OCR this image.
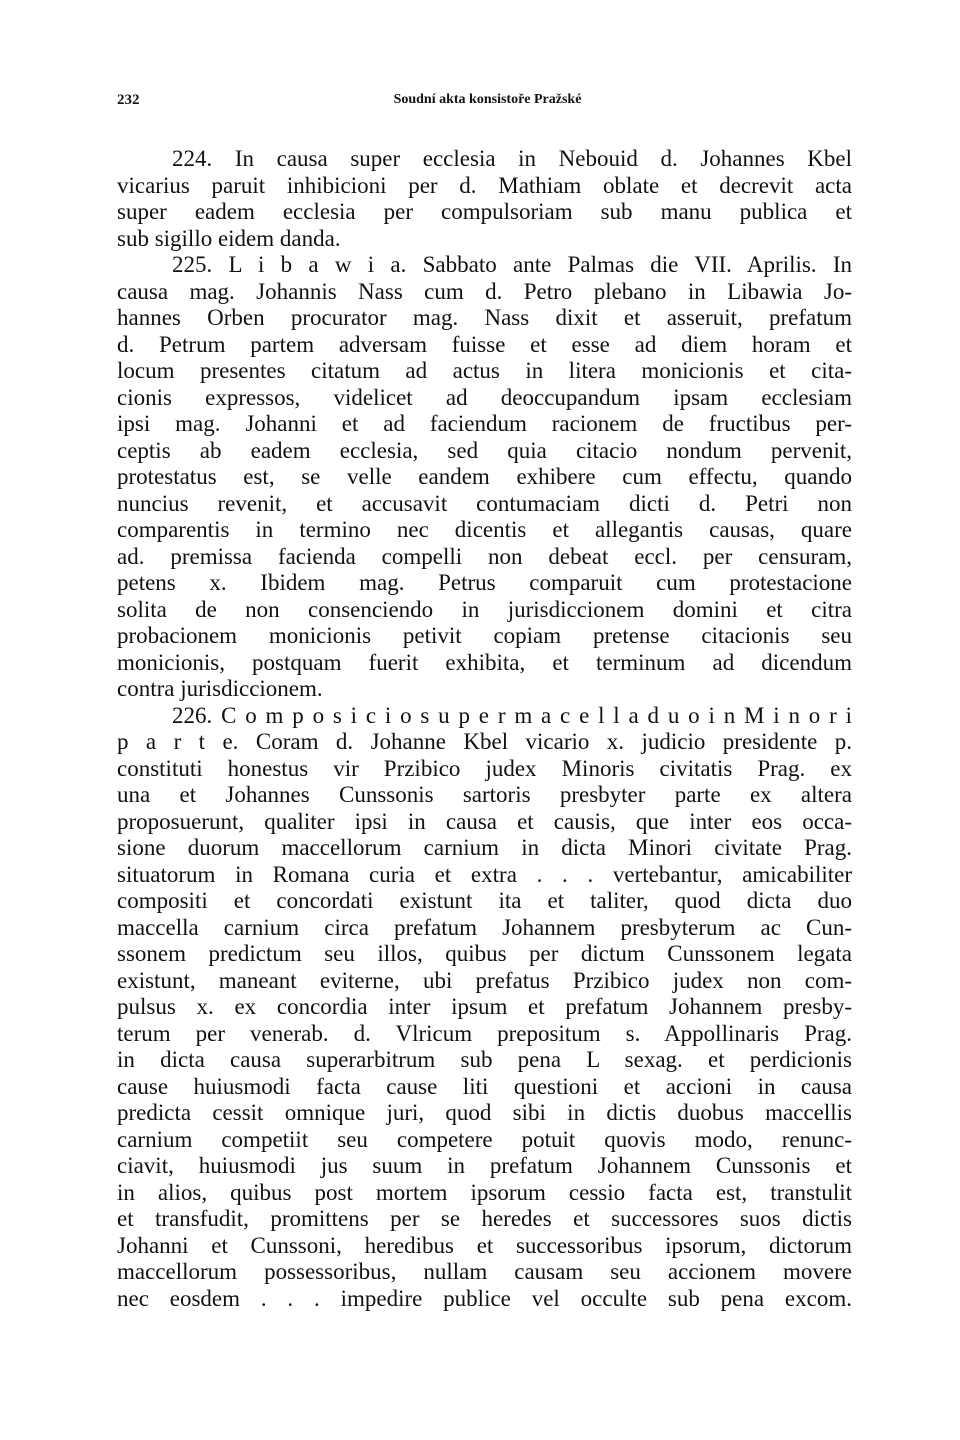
232	Soudní akta konsistoře Pražské
224. In causa super ecclesia in Nebouid d. Johannes Kbel
vicarius paruit inhibicioni per d. Mathiam oblate et decrevit acta
super eadem ecclesia per compulsoriam sub manu publica et
sub sigillo eidem danda.
225. L i b a w i a. Sabbato ante Palmas die VII. Aprilis. In
causa mag. Johannis Nass cum d. Petro plebano in Libawia Jo-
hannes Orben procurator mag. Nass dixit et asseruit, prefatum
d. Petrum partem adversam fuisse et esse ad diem horam et
locum presentes citatum ad actus in litera monicionis et cita-
cionis expressos, videlicet ad deoccupandum ipsam ecclesiam
ipsi mag. Johanni et ad faciendum racionem de fructibus per-
ceptis ab eadem ecclesia, sed quia citacio nondum pervenit,
protestatus est, se velle eandem exhibere cum effectu, quando
nuncius revenit, et accusavit contumaciam dicti d. Petri non
comparentis in termino nec dicentis et allegantis causas, quare
ad. premissa facienda compelli non debeat eccl. per censuram,
petens x. Ibidem mag. Petrus comparuit cum protestacione
solita de non consenciendo in jurisdiccionem domini et citra
probacionem monicionis petivit copiam pretense citacionis seu
monicionis, postquam fuerit exhibita, et terminum ad dicendum
contra jurisdiccionem.
226. C o m p o s i c i o s u p e r m a c e l l a d u o i n M i n o r i
p a r t e. Coram d. Johanne Kbel vicario x. judicio presidente p.
constituti honestus vir Przibico judex Minoris civitatis Prag. ex
una et Johannes Cunssonis sartoris presbyter parte ex altera
proposuerunt, qualiter ipsi in causa et causis, que inter eos occa-
sione duorum maccellorum carnium in dicta Minori civitate Prag.
situatorum in Romana curia et extra . . . vertebantur, amicabiliter
compositi et concordati existunt ita et taliter, quod dicta duo
maccella carnium circa prefatum Johannem presbyterum ac Cun-
ssonem predictum seu illos, quibus per dictum Cunssonem legata
existunt, maneant eviterne, ubi prefatus Przibico judex non com-
pulsus x. ex concordia inter ipsum et prefatum Johannem presby-
terum per venerab. d. Vlricum prepositum s. Appollinaris Prag.
in dicta causa superarbitrum sub pena L sexag. et perdicionis
cause huiusmodi facta cause liti questioni et accioni in causa
predicta cessit omnique juri, quod sibi in dictis duobus maccellis
carnium competiit seu competere potuit quovis modo, renunc-
ciavit, huiusmodi jus suum in prefatum Johannem Cunssonis et
in alios, quibus post mortem ipsorum cessio facta est, transtulit
et transfudit, promittens per se heredes et successores suos dictis
Johanni et Cunssoni, heredibus et successoribus ipsorum, dictorum
maccellorum possessoribus, nullam causam seu accionem movere
nec eosdem . . . impedire publice vel occulte sub pena excom.
